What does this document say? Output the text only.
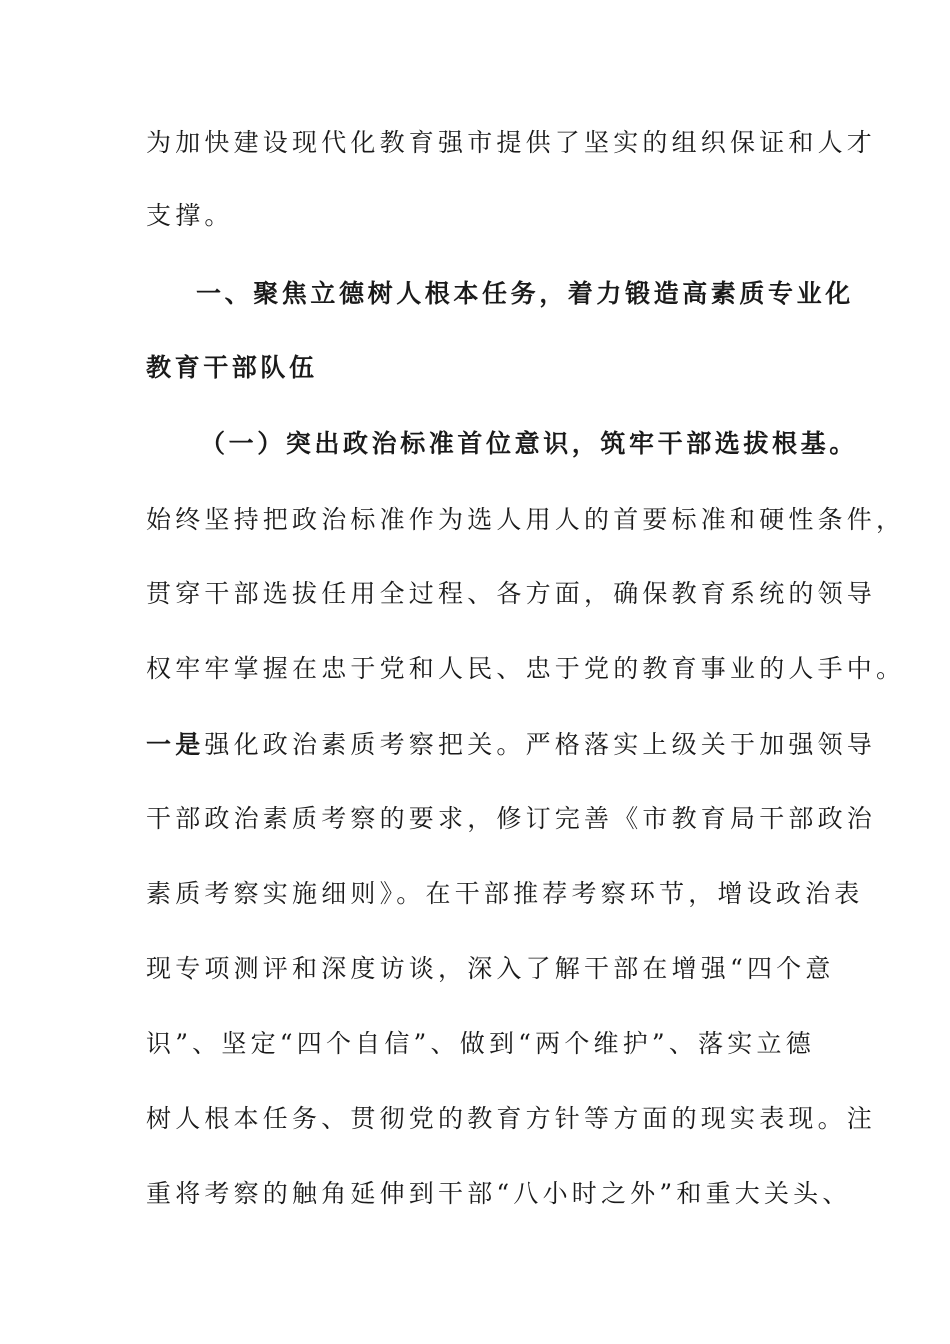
为加快建设现代化教育强市提供了坚实的组织保证和人才

支撑。

一、聚焦立德树人根本任务，着力锻造高素质专业化

教育干部队伍

（一）突出政治标准首位意识，筑牢干部选拔根基。

始终坚持把政治标准作为选人用人的首要标准和硬性条件，

贯穿干部选拔任用全过程、各方面，确保教育系统的领导

权牢牢掌握在忠于党和人民、忠于党的教育事业的人手中。

一是强化政治素质考察把关。严格落实上级关于加强领导

干部政治素质考察的要求，修订完善《市教育局干部政治

素质考察实施细则》。在干部推荐考察环节，增设政治表

现专项测评和深度访谈，深入了解干部在增强“四个意

识”、坚定“四个自信”、做到“两个维护”、落实立德

树人根本任务、贯彻党的教育方针等方面的现实表现。注

重将考察的触角延伸到干部“八小时之外”和重大关头、
